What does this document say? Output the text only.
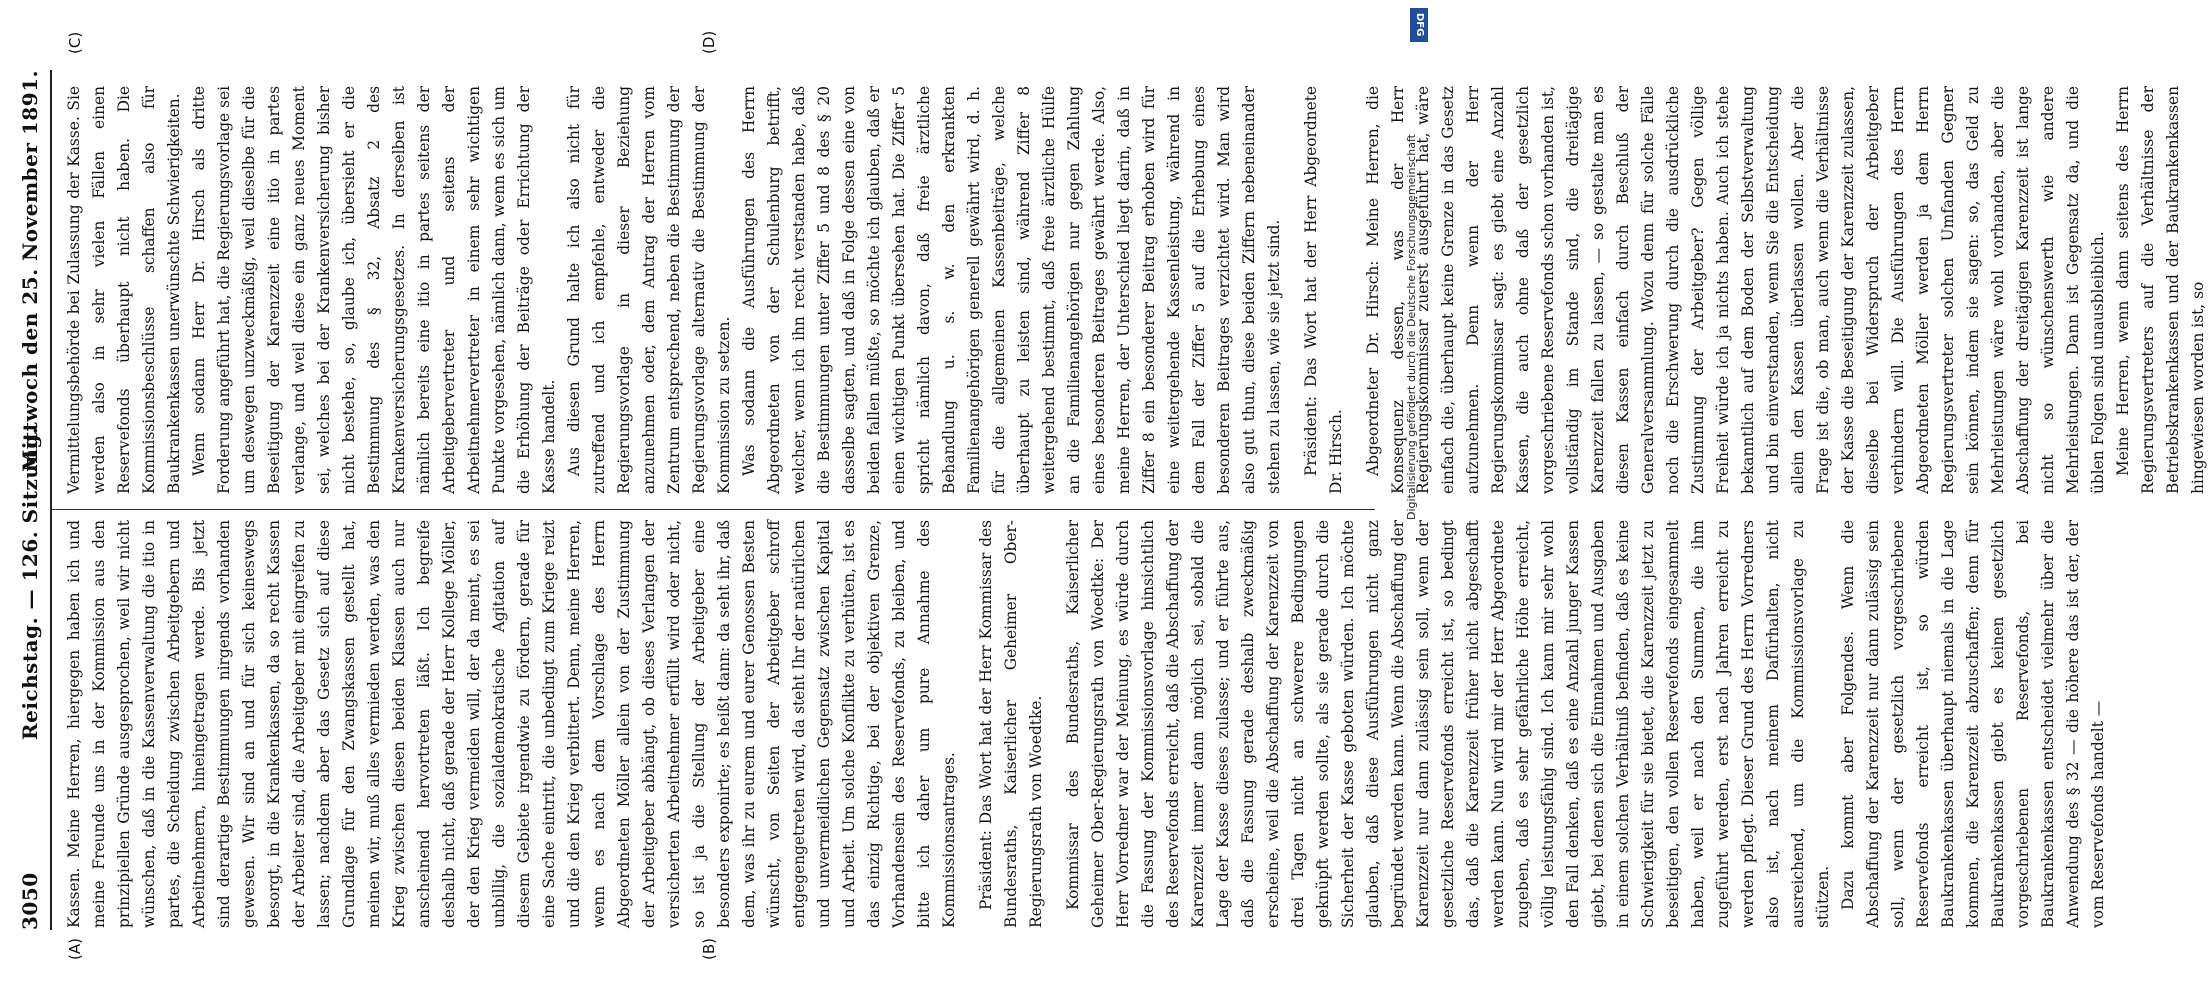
3050
Reichstag. — 126. Sitzung.
Mittwoch den 25. November 1891.
(A)	(B)
(C)	(D)

Kassen. Meine Herren, hiergegen haben ich und meine Freunde uns in der Kommission aus den prinzipiellen Gründe ausgesprochen, weil wir nicht wünschen, daß in die Kassenverwaltung die itio in partes, die Scheidung zwischen Arbeitgebern und Arbeitnehmern, hineingetragen werde. Bis jetzt sind derartige Bestimmungen nirgends vorhanden gewesen. Wir sind an und für sich keineswegs besorgt, in die Krankenkassen, da so recht Kassen der Arbeiter sind, die Arbeitgeber mit eingreifen zu lassen; nachdem aber das Gesetz sich auf diese Grundlage für den Zwangskassen gestellt hat, meinen wir, muß alles vermieden werden, was den Krieg zwischen diesen beiden Klassen auch nur anscheinend hervortreten läßt. Ich begreife deshalb nicht, daß gerade der Herr Kollege Möller, der den Krieg vermeiden will, der da meint, es sei unbillig, die sozialdemokratische Agitation auf diesem Gebiete irgendwie zu fördern, gerade für eine Sache eintritt, die unbedingt zum Kriege reizt und die den Krieg verbittert. Denn, meine Herren, wenn es nach dem Vorschlage des Herrn Abgeordneten Möller allein von der Zustimmung der Arbeitgeber abhängt, ob dieses Verlangen der versicherten Arbeitnehmer erfüllt wird oder nicht, so ist ja die Stellung der Arbeitgeber eine besonders exponirte; es heißt dann: da seht ihr, daß dem, was ihr zu eurem und eurer Genossen Besten wünscht, von Seiten der Arbeitgeber schroff entgegengetreten wird, da steht Ihr der natürlichen und unvermeidlichen Gegensatz zwischen Kapital und Arbeit. Um solche Konflikte zu verhüten, ist es das einzig Richtige, bei der objektiven Grenze, Vorhandensein des Reservefonds, zu bleiben, und bitte ich daher um pure Annahme des Kommissionsantrages. Präsident: Das Wort hat der Herr Kommissar des Bundesraths, Kaiserlicher Geheimer Ober-Regierungsrath von Woedtke. Kommissar des Bundesraths, Kaiserlicher Geheimer Ober-Regierungsrath von Woedtke: Der Herr Vorredner war der Meinung, es würde durch die Fassung der Kommissionsvorlage hinsichtlich des Reservefonds erreicht, daß die Abschaffung der Karenzzeit immer dann möglich sei, sobald die Lage der Kasse dieses zulasse; und er führte aus, daß die Fassung gerade deshalb zweckmäßig erscheine, weil die Abschaffung der Karenzzeit von drei Tagen nicht an schwerere Bedingungen geknüpft werden sollte, als sie gerade durch die Sicherheit der Kasse geboten würden. Ich möchte glauben, daß diese Ausführungen nicht ganz begründet werden kann. Wenn die Abschaffung der Karenzzeit nur dann zulässig sein soll, wenn der gesetzliche Reservefonds erreicht ist, so bedingt das, daß die Karenzzeit früher nicht abgeschafft werden kann. Nun wird mir der Herr Abgeordnete zugeben, daß es sehr gefährliche Höhe erreicht, völlig leistungsfähig sind. Ich kann mir sehr wohl den Fall denken, daß es eine Anzahl junger Kassen giebt, bei denen sich die Einnahmen und Ausgaben in einem solchen Verhältniß befinden, daß es keine Schwierigkeit für sie bietet, die Karenzzeit jetzt zu beseitigen, den vollen Reservefonds eingesammelt haben, weil er nach den Summen, die ihm zugeführt werden, erst nach Jahren erreicht zu werden pflegt. Dieser Grund des Herrn Vorredners also ist, nach meinem Dafürhalten, nicht ausreichend, um die Kommissionsvorlage zu stützen. Dazu kommt aber Folgendes. Wenn die Abschaffung der Karenzzeit nur dann zulässig sein soll, wenn der gesetzlich vorgeschriebene Reservefonds erreicht ist, so würden Baukrankenkassen überhaupt niemals in die Lage kommen, die Karenzzeit abzuschaffen; denn für Baukrankenkassen giebt es keinen gesetzlich vorgeschriebenen Reservefonds, bei Baukrankenkassen entscheidet vielmehr über die Anwendung des § 32 — die höhere das ist der, der vom Reservefonds handelt —

Vermittelungsbehörde bei Zulassung der Kasse. Sie werden also in sehr vielen Fällen einen Reservefonds überhaupt nicht haben. Die Kommissionsbeschlüsse schaffen also für Baukrankenkassen unerwünschte Schwierigkeiten. Wenn sodann Herr Dr. Hirsch als dritte Forderung angeführt hat, die Regierungsvorlage sei um deswegen unzweckmäßig, weil dieselbe für die Beseitigung der Karenzzeit eine itio in partes verlange, und weil diese ein ganz neues Moment sei, welches bei der Krankenversicherung bisher nicht bestehe, so, glaube ich, übersieht er die Bestimmung des § 32, Absatz 2 des Krankenversicherungsgesetzes. In derselben ist nämlich bereits eine itio in partes seitens der Arbeitgebervertreter und seitens der Arbeitnehmervertreter in einem sehr wichtigen Punkte vorgesehen, nämlich dann, wenn es sich um die Erhöhung der Beiträge oder Errichtung der Kasse handelt. Aus diesen Grund halte ich also nicht für zutreffend und ich empfehle, entweder die Regierungsvorlage in dieser Beziehung anzunehmen oder, dem Antrag der Herren vom Zentrum entsprechend, neben die Bestimmung der Regierungsvorlage alternativ die Bestimmung der Kommission zu setzen. Was sodann die Ausführungen des Herrn Abgeordneten von der Schulenburg betrifft, welcher, wenn ich ihn recht verstanden habe, daß die Bestimmungen unter Ziffer 5 und 8 des § 20 dasselbe sagten, und daß in Folge dessen eine von beiden fallen müßte, so möchte ich glauben, daß er einen wichtigen Punkt übersehen hat. Die Ziffer 5 spricht nämlich davon, daß freie ärztliche Behandlung u. s. w. den erkrankten Familienangehörigen generell gewährt wird, d. h. für die allgemeinen Kassenbeiträge, welche überhaupt zu leisten sind, während Ziffer 8 weitergehend bestimmt, daß freie ärztliche Hülfe an die Familienangehörigen nur gegen Zahlung eines besonderen Beitrages gewährt werde. Also, meine Herren, der Unterschied liegt darin, daß in Ziffer 8 ein besonderer Beitrag erhoben wird für eine weitergehende Kassenleistung, während in dem Fall der Ziffer 5 auf die Erhebung eines besonderen Beitrages verzichtet wird. Man wird also gut thun, diese beiden Ziffern nebeneinander stehen zu lassen, wie sie jetzt sind. Präsident: Das Wort hat der Herr Abgeordnete Dr. Hirsch. Abgeordneter Dr. Hirsch: Meine Herren, die Konsequenz dessen, was der Herr Regierungskommissar zuerst ausgeführt hat, wäre einfach die, überhaupt keine Grenze in das Gesetz aufzunehmen. Denn wenn der Herr Regierungskommissar sagt: es giebt eine Anzahl Kassen, die auch ohne daß der gesetzlich vorgeschriebene Reservefonds schon vorhanden ist, vollständig im Stande sind, die dreitägige Karenzzeit fallen zu lassen, — so gestalte man es diesen Kassen einfach durch Beschluß der Generalversammlung. Wozu denn für solche Fälle noch die Erschwerung durch die ausdrückliche Zustimmung der Arbeitgeber? Gegen völlige Freiheit würde ich ja nichts haben. Auch ich stehe bekanntlich auf dem Boden der Selbstverwaltung und bin einverstanden, wenn Sie die Entscheidung allein den Kassen überlassen wollen. Aber die Frage ist die, ob man, auch wenn die Verhältnisse der Kasse die Beseitigung der Karenzzeit zulassen, dieselbe bei Widerspruch der Arbeitgeber verhindern will. Die Ausführungen des Herrn Abgeordneten Möller werden ja dem Herrn Regierungsvertreter solchen Umfanden Gegner sein können, indem sie sagen: so, das Geld zu Mehrleistungen wäre wohl vorhanden, aber die Abschaffung der dreitägigen Karenzzeit ist lange nicht so wünschenswerth wie andere Mehrleistungen. Dann ist Gegensatz da, und die üblen Folgen sind unausbleiblich. Meine Herren, wenn dann seitens des Herrn Regierungsvertreters auf die Verhältnisse der Betriebskrankenkassen und der Baukrankenkassen hingewiesen worden ist, so

Digitalisierung gefördert durch die Deutsche Forschungsgemeinschaft
DFG
